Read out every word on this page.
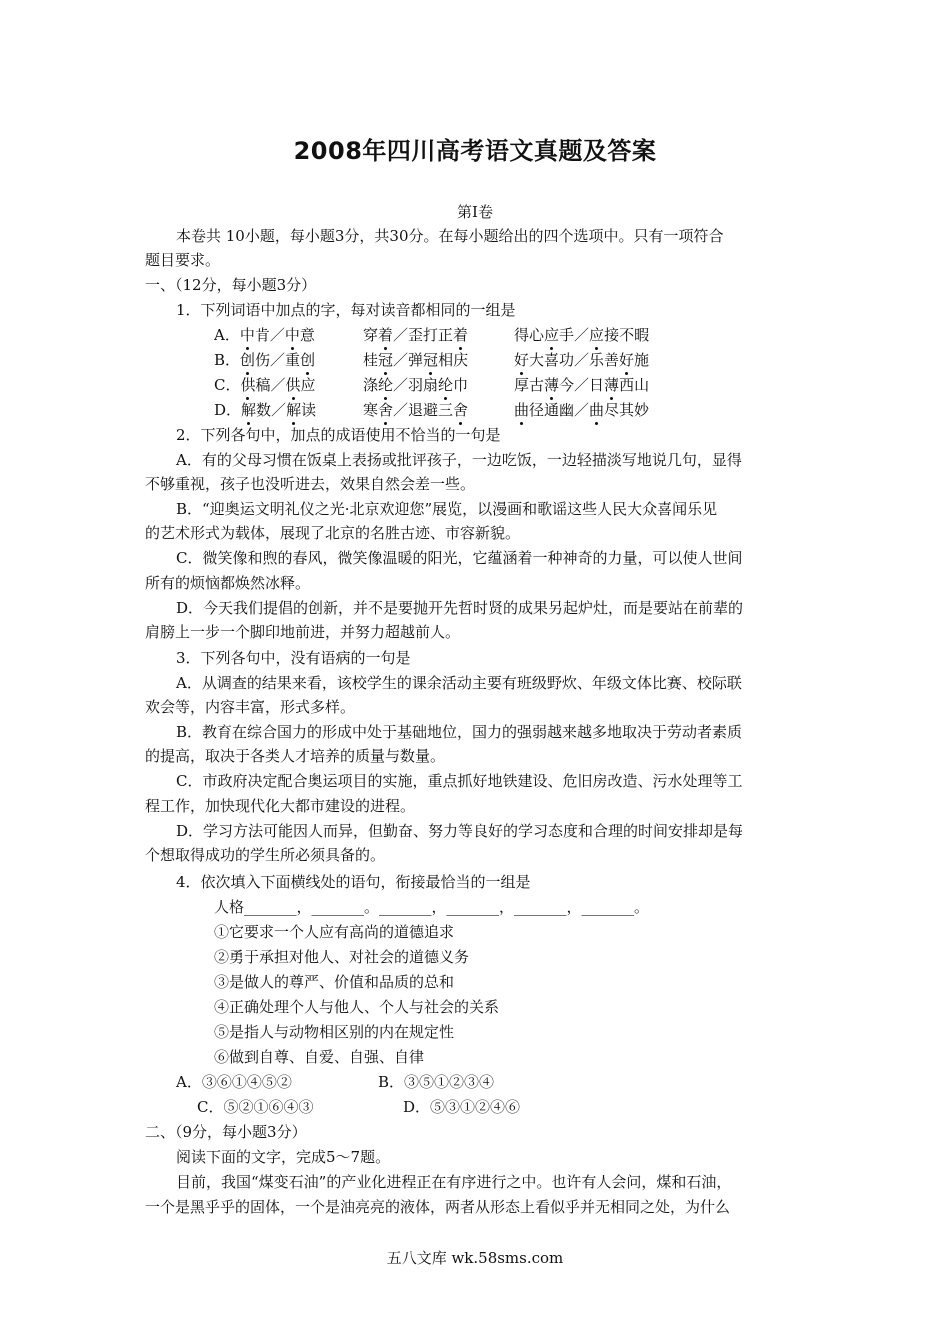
2008年四川高考语文真题及答案
第Ⅰ卷
本卷共 10小题，每小题3分，共30分。在每小题给出的四个选项中。只有一项符合
题目要求。
一、（12分，每小题3分）
1．下列词语中加点的字，每对读音都相同的一组是
A．中肯／中意	穿着／歪打正着	得心应手／应接不暇
B．创伤／重创	桂冠／弹冠相庆	好大喜功／乐善好施
C．供稿／供应	涤纶／羽扇纶巾	厚古薄今／日薄西山
D．解数／解读	寒舍／退避三舍	曲径通幽／曲尽其妙
2．下列各句中，加点的成语使用不恰当的一句是
A．有的父母习惯在饭桌上表扬或批评孩子，一边吃饭，一边轻描淡写地说几句，显得
不够重视，孩子也没听进去，效果自然会差一些。
B．“迎奥运文明礼仪之光·北京欢迎您”展览，以漫画和歌谣这些人民大众喜闻乐见
的艺术形式为载体，展现了北京的名胜古迹、市容新貌。
C．微笑像和煦的春风，微笑像温暖的阳光，它蕴涵着一种神奇的力量，可以使人世间
所有的烦恼都焕然冰释。
D．今天我们提倡的创新，并不是要抛开先哲时贤的成果另起炉灶，而是要站在前辈的
肩膀上一步一个脚印地前进，并努力超越前人。
3．下列各句中，没有语病的一句是
A．从调查的结果来看，该校学生的课余活动主要有班级野炊、年级文体比赛、校际联
欢会等，内容丰富，形式多样。
B．教育在综合国力的形成中处于基础地位，国力的强弱越来越多地取决于劳动者素质
的提高，取决于各类人才培养的质量与数量。
C．市政府决定配合奥运项目的实施，重点抓好地铁建设、危旧房改造、污水处理等工
程工作，加快现代化大都市建设的进程。
D．学习方法可能因人而异，但勤奋、努力等良好的学习态度和合理的时间安排却是每
个想取得成功的学生所必须具备的。
4．依次填入下面横线处的语句，衔接最恰当的一组是
人格_______，_______。_______，_______，_______，_______。
①它要求一个人应有高尚的道德追求
②勇于承担对他人、对社会的道德义务
③是做人的尊严、价值和品质的总和
④正确处理个人与他人、个人与社会的关系
⑤是指人与动物相区别的内在规定性
⑥做到自尊、自爱、自强、自律
A．③⑥①④⑤②	B．③⑤①②③④
C．⑤②①⑥④③	D．⑤③①②④⑥
二、（9分，每小题3分）
阅读下面的文字，完成5～7题。
目前，我国“煤变石油”的产业化进程正在有序进行之中。也许有人会问，煤和石油，
一个是黑乎乎的固体，一个是油亮亮的液体，两者从形态上看似乎并无相同之处，为什么
五八文库 wk.58sms.com
